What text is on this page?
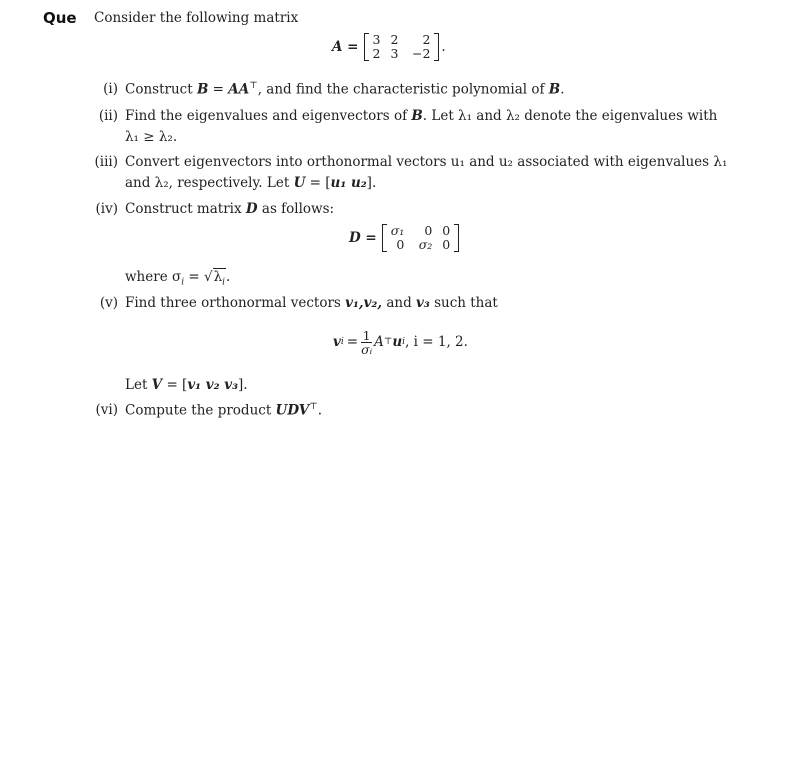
Que Consider the following matrix
A = 3	2	2
2	3	−2 .
(i) Construct B = AA⊤, and find the characteristic polynomial of B.
(ii) Find the eigenvalues and eigenvectors of B. Let λ₁ and λ₂ denote the eigenvalues with
λ₁ ≥ λ₂.
(iii) Convert eigenvectors into orthonormal vectors u₁ and u₂ associated with eigenvalues λ₁
and λ₂, respectively. Let U = [u₁ u₂].
(iv) Construct matrix D as follows:
D = σ₁	0	0
0	σ₂	0
where $\sigma_i = √\lambda_i$.
(v) Find three orthonormal vectors v₁,v₂, and v₃ such that
v $i = \frac{1}{\text{σᵢ}}$ A ⊤ u i , i = 1, 2.
Let V = [v₁ v₂ v₃].
(vi) Compute the product UDV⊤.
